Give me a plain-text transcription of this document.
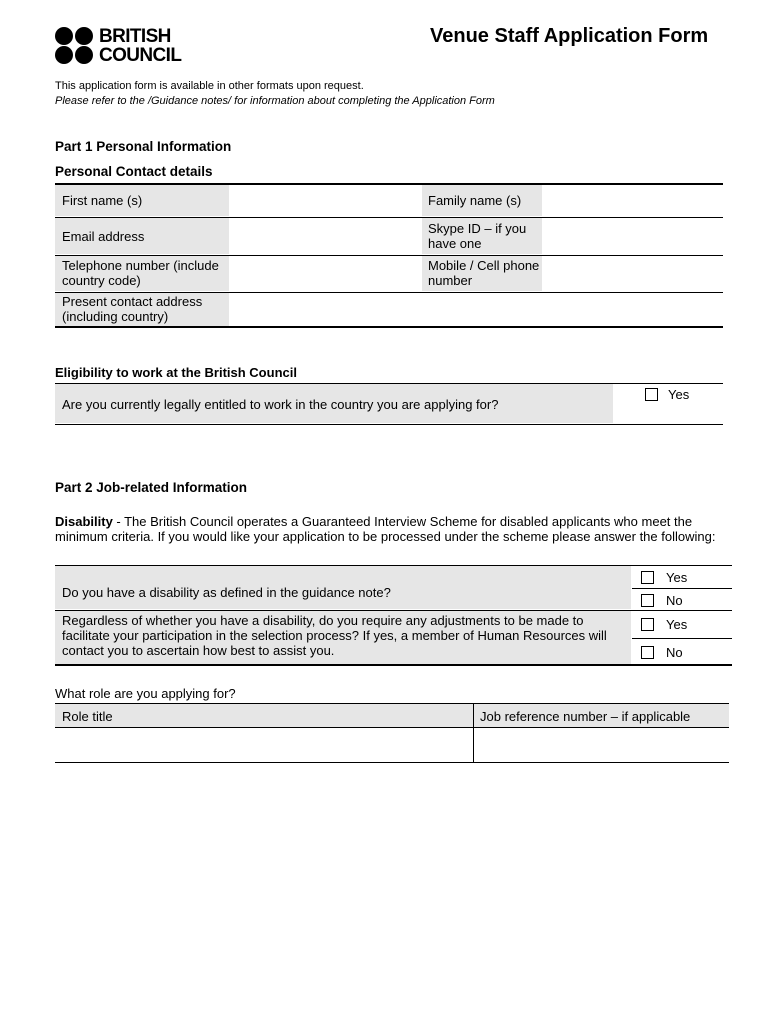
BRITISH
COUNCIL
Venue Staff Application Form
This application form is available in other formats upon request.
Please refer to the /Guidance notes/ for information about completing the Application Form
Part 1 Personal Information
Personal Contact details
First name (s)	Family name (s)
Email address
Skype ID – if you have one
Telephone number (include country code)
Mobile / Cell phone number
Present contact address (including country)
Eligibility to work at the British Council
Are you currently legally entitled to work in the country you are applying for?
Yes
Part 2 Job-related Information
Disability - The British Council operates a Guaranteed Interview Scheme for disabled applicants who meet the minimum criteria. If you would like your application to be processed under the scheme please answer the following:
Do you have a disability as defined in the guidance note?
Yes
No
Regardless of whether you have a disability, do you require any adjustments to be made to facilitate your participation in the selection process? If yes, a member of Human Resources will contact you to ascertain how best to assist you.
Yes
No
What role are you applying for?
Role title	Job reference number – if applicable
